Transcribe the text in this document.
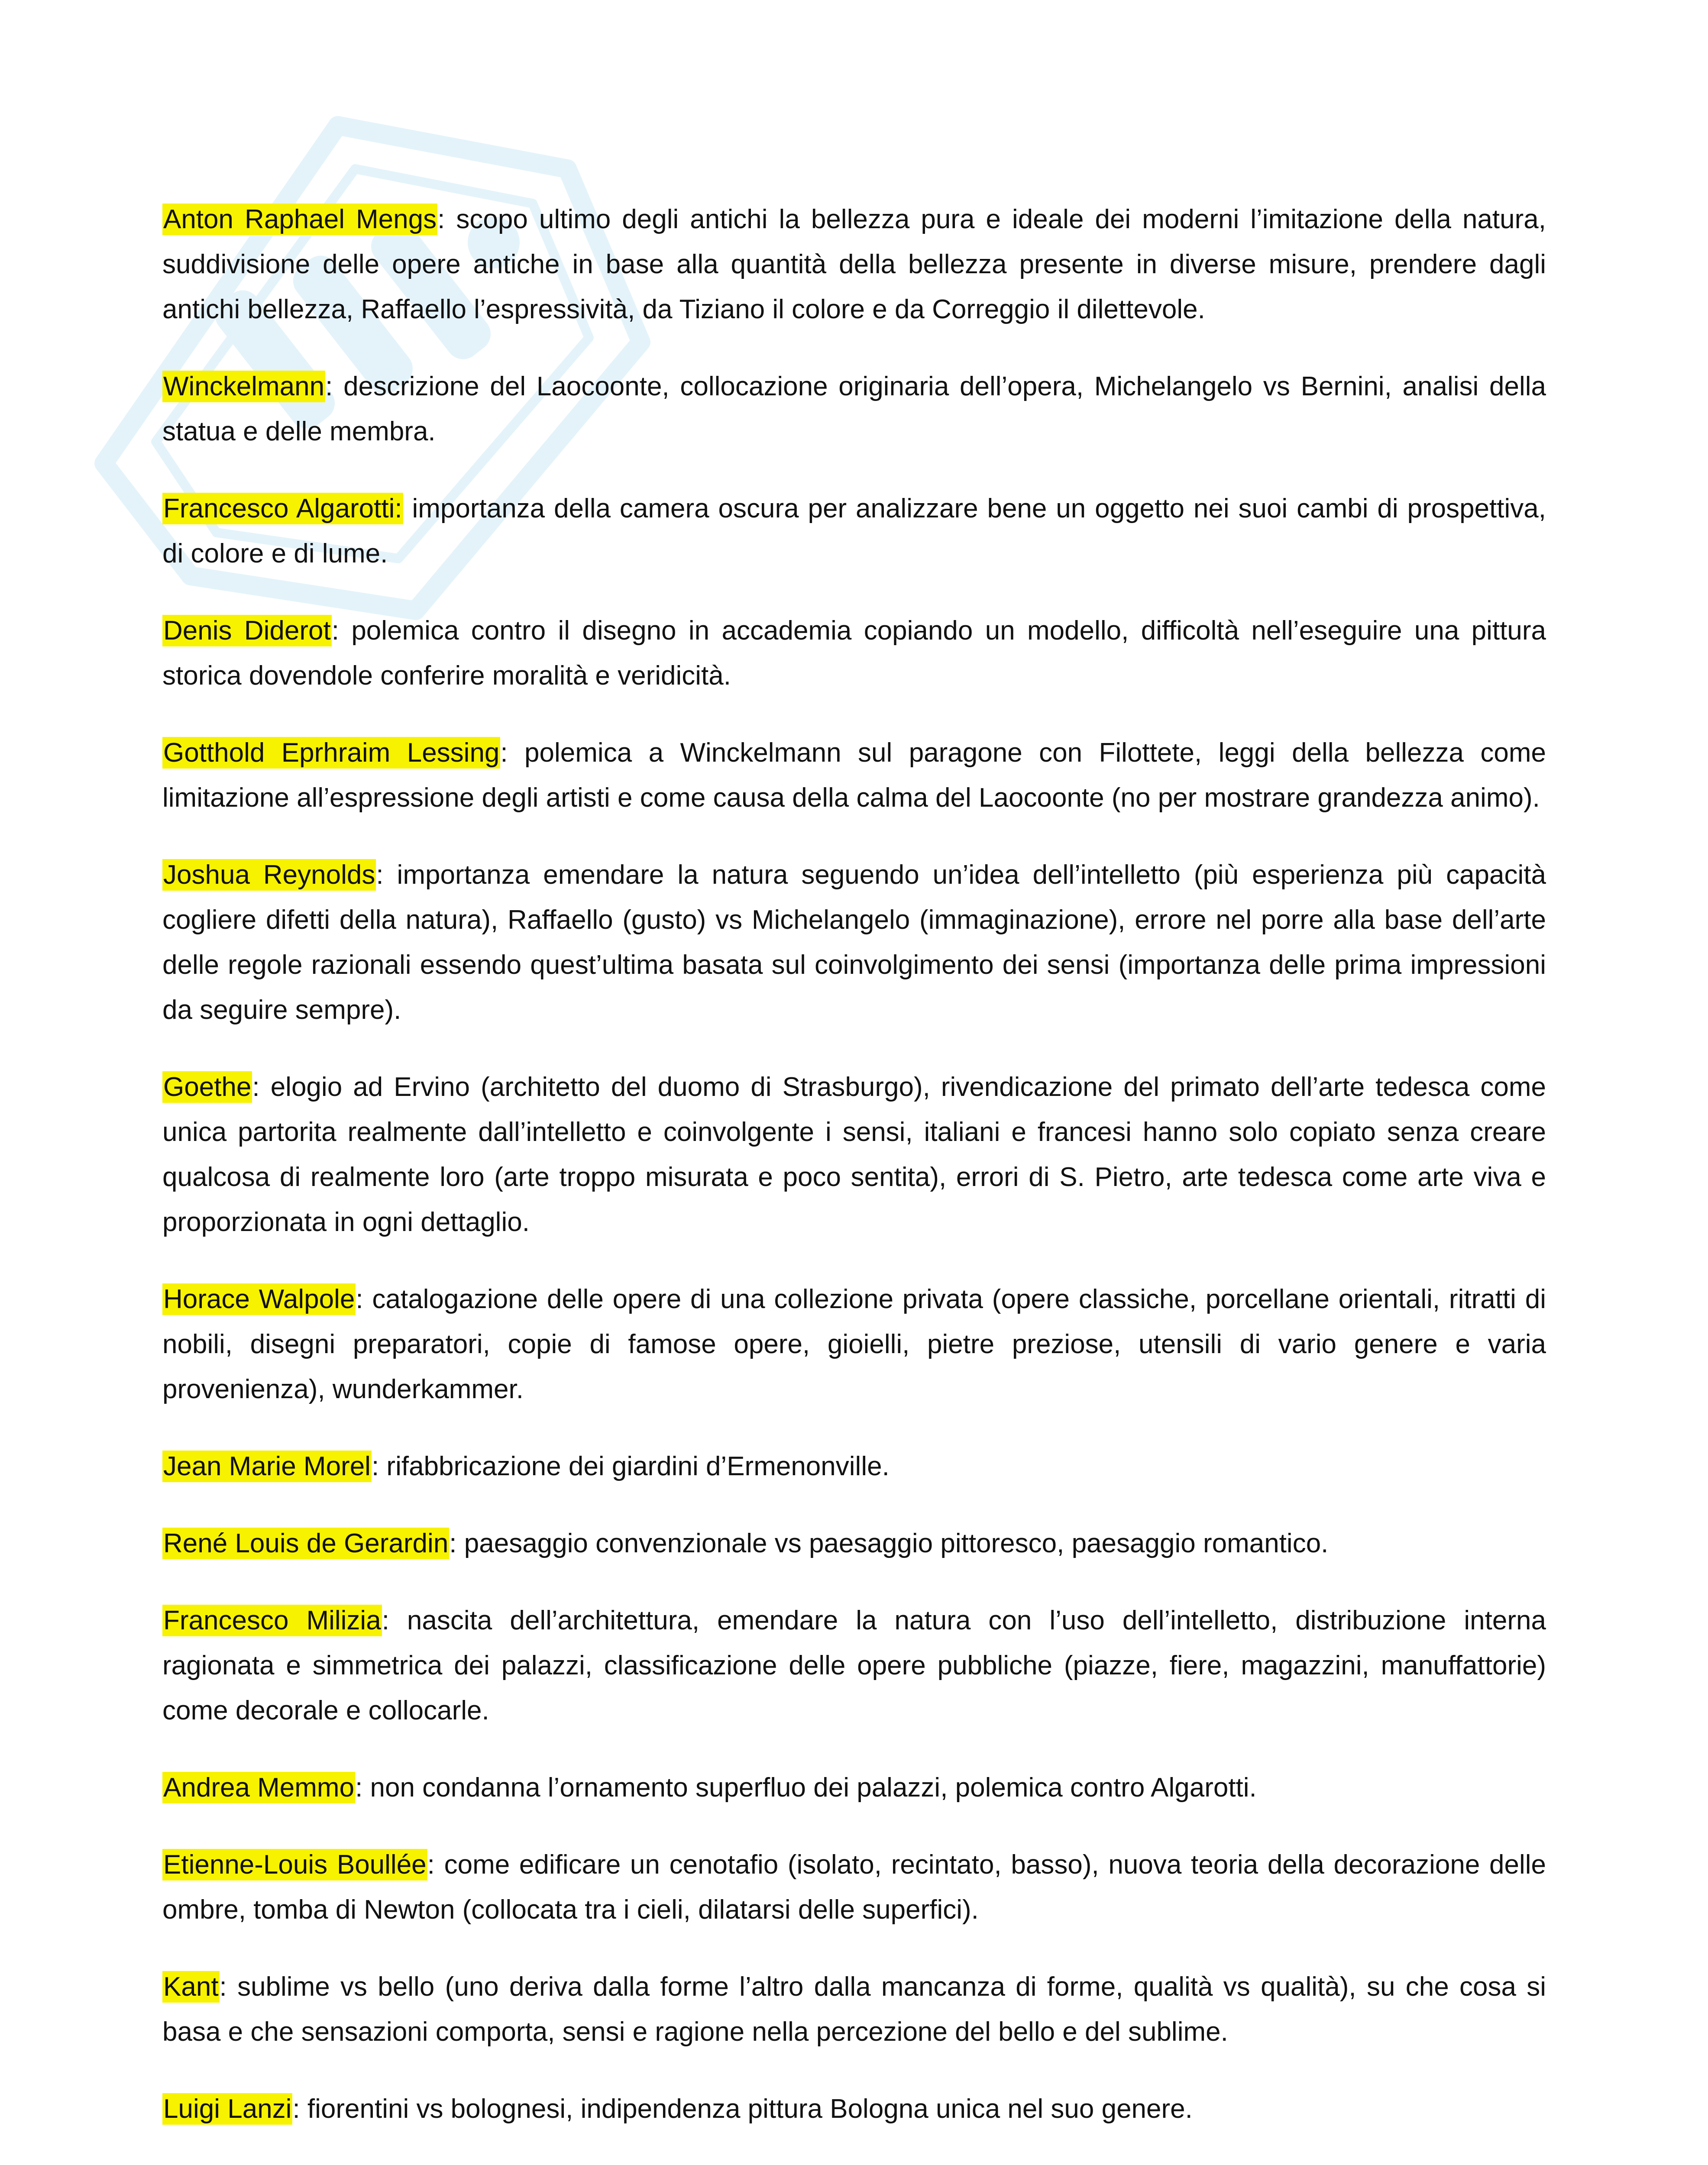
Anton Raphael Mengs: scopo ultimo degli antichi la bellezza pura e ideale dei moderni l’imitazione della natura, suddivisione delle opere antiche in base alla quantità della bellezza presente in diverse misure, prendere dagli antichi bellezza, Raffaello l’espressività, da Tiziano il colore e da Correggio il dilettevole.

Winckelmann: descrizione del Laocoonte, collocazione originaria dell’opera, Michelangelo vs Bernini, analisi della statua e delle membra.

Francesco Algarotti: importanza della camera oscura per analizzare bene un oggetto nei suoi cambi di prospettiva, di colore e di lume.

Denis Diderot: polemica contro il disegno in accademia copiando un modello, difficoltà nell’eseguire una pittura storica dovendole conferire moralità e veridicità.

Gotthold Eprhraim Lessing: polemica a Winckelmann sul paragone con Filottete, leggi della bellezza come limitazione all’espressione degli artisti e come causa della calma del Laocoonte (no per mostrare grandezza animo).

Joshua Reynolds: importanza emendare la natura seguendo un’idea dell’intelletto (più esperienza più capacità cogliere difetti della natura), Raffaello (gusto) vs Michelangelo (immaginazione), errore nel porre alla base dell’arte delle regole razionali essendo quest’ultima basata sul coinvolgimento dei sensi (importanza delle prima impressioni da seguire sempre).

Goethe: elogio ad Ervino (architetto del duomo di Strasburgo), rivendicazione del primato dell’arte tedesca come unica partorita realmente dall’intelletto e coinvolgente i sensi, italiani e francesi hanno solo copiato senza creare qualcosa di realmente loro (arte troppo misurata e poco sentita), errori di S. Pietro, arte tedesca come arte viva e proporzionata in ogni dettaglio.

Horace Walpole: catalogazione delle opere di una collezione privata (opere classiche, porcellane orientali, ritratti di nobili, disegni preparatori, copie di famose opere, gioielli, pietre preziose, utensili di vario genere e varia provenienza), wunderkammer.

Jean Marie Morel: rifabbricazione dei giardini d’Ermenonville.

René Louis de Gerardin: paesaggio convenzionale vs paesaggio pittoresco, paesaggio romantico.

Francesco Milizia: nascita dell’architettura, emendare la natura con l’uso dell’intelletto, distribuzione interna ragionata e simmetrica dei palazzi, classificazione delle opere pubbliche (piazze, fiere, magazzini, manuffattorie) come decorale e collocarle.

Andrea Memmo: non condanna l’ornamento superfluo dei palazzi, polemica contro Algarotti.

Etienne-Louis Boullée: come edificare un cenotafio (isolato, recintato, basso), nuova teoria della decorazione delle ombre, tomba di Newton (collocata tra i cieli, dilatarsi delle superfici).

Kant: sublime vs bello (uno deriva dalla forme l’altro dalla mancanza di forme, qualità vs qualità), su che cosa si basa e che sensazioni comporta, sensi e ragione nella percezione del bello e del sublime.

Luigi Lanzi: fiorentini vs bolognesi, indipendenza pittura Bologna unica nel suo genere.
